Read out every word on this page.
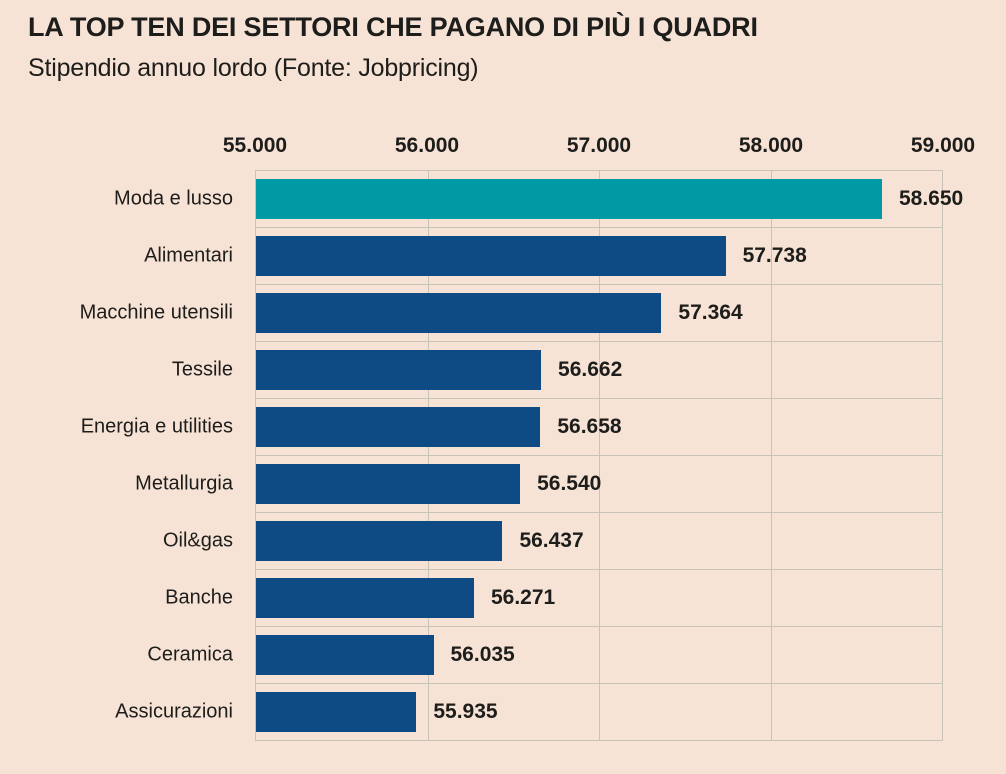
LA TOP TEN DEI SETTORI CHE PAGANO DI PIÙ I QUADRI
Stipendio annuo lordo (Fonte: Jobpricing)
55.000	56.000	57.000	58.000	59.000
Moda e lusso	58.650
Alimentari	57.738
Macchine utensili	57.364
Tessile	56.662
Energia e utilities	56.658
Metallurgia	56.540
Oil&gas	56.437
Banche	56.271
Ceramica	56.035
Assicurazioni	55.935
